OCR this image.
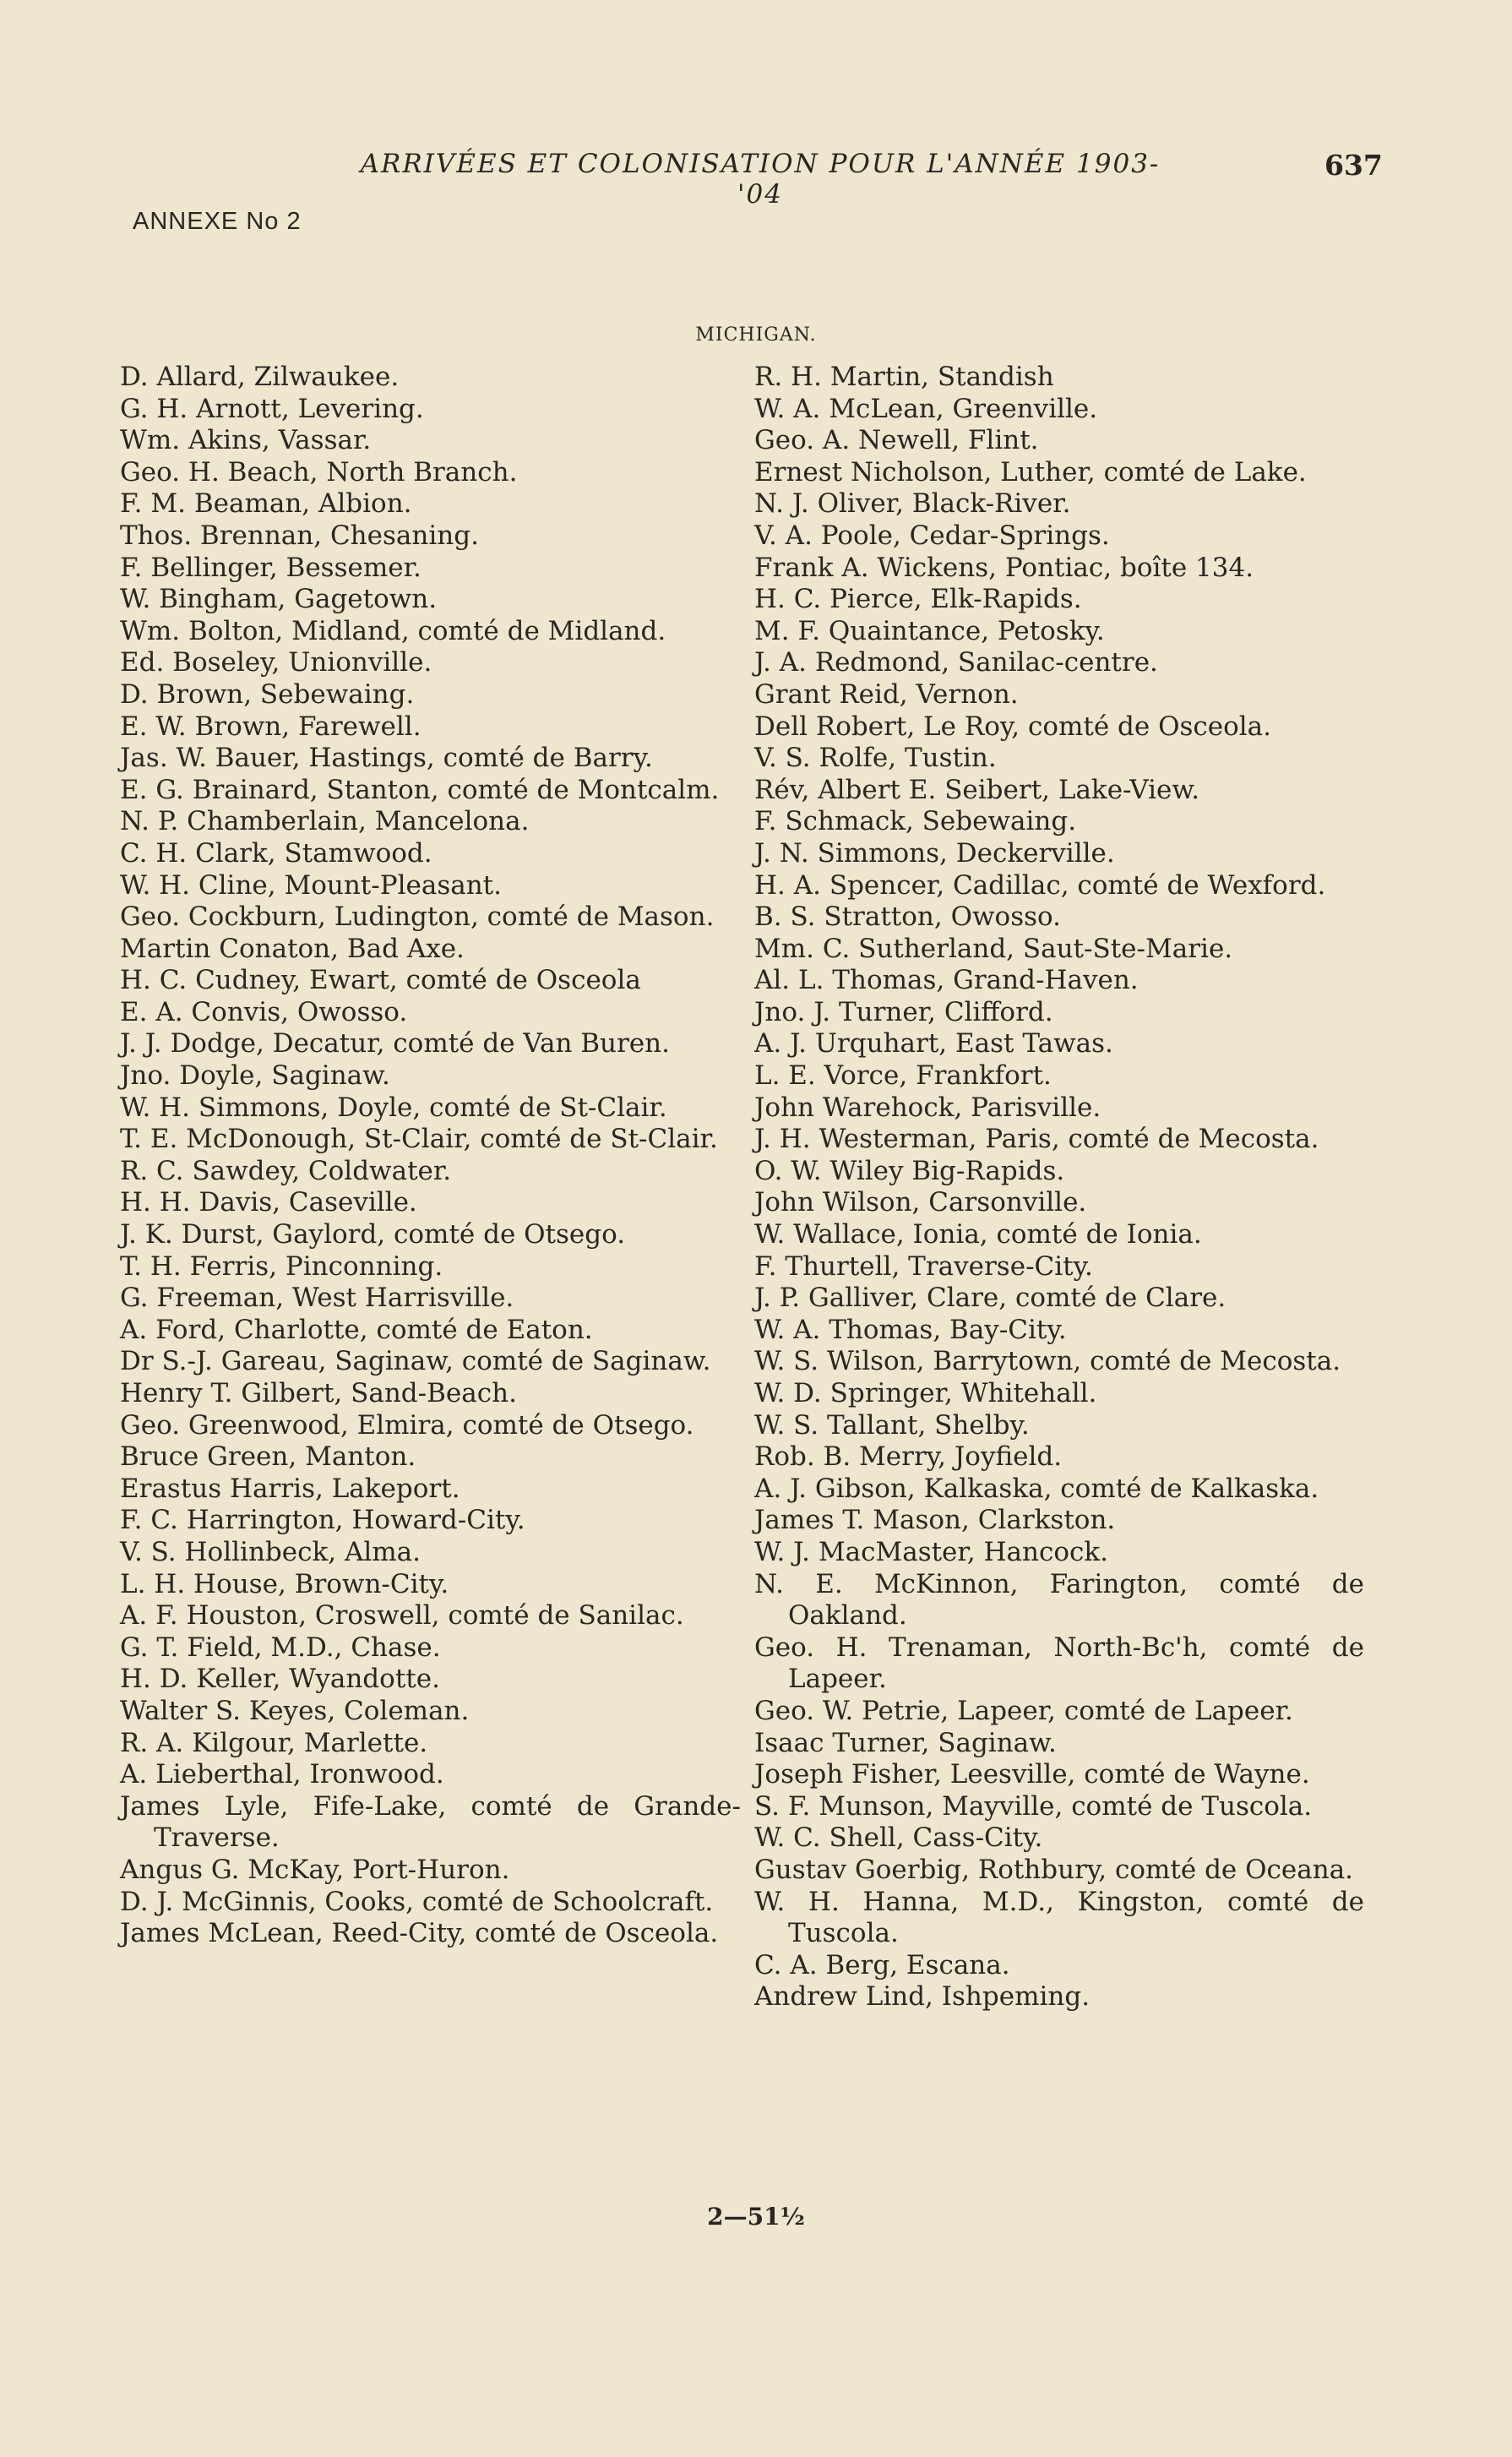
ARRIVÉES ET COLONISATION POUR L'ANNÉE 1903-'04
637
ANNEXE No 2
MICHIGAN.
D. Allard, Zilwaukee.
G. H. Arnott, Levering.
Wm. Akins, Vassar.
Geo. H. Beach, North Branch.
F. M. Beaman, Albion.
Thos. Brennan, Chesaning.
F. Bellinger, Bessemer.
W. Bingham, Gagetown.
Wm. Bolton, Midland, comté de Midland.
Ed. Boseley, Unionville.
D. Brown, Sebewaing.
E. W. Brown, Farewell.
Jas. W. Bauer, Hastings, comté de Barry.
E. G. Brainard, Stanton, comté de Montcalm.
N. P. Chamberlain, Mancelona.
C. H. Clark, Stamwood.
W. H. Cline, Mount-Pleasant.
Geo. Cockburn, Ludington, comté de Mason.
Martin Conaton, Bad Axe.
H. C. Cudney, Ewart, comté de Osceola
E. A. Convis, Owosso.
J. J. Dodge, Decatur, comté de Van Buren.
Jno. Doyle, Saginaw.
W. H. Simmons, Doyle, comté de St-Clair.
T. E. McDonough, St-Clair, comté de St-Clair.
R. C. Sawdey, Coldwater.
H. H. Davis, Caseville.
J. K. Durst, Gaylord, comté de Otsego.
T. H. Ferris, Pinconning.
G. Freeman, West Harrisville.
A. Ford, Charlotte, comté de Eaton.
Dr S.-J. Gareau, Saginaw, comté de Saginaw.
Henry T. Gilbert, Sand-Beach.
Geo. Greenwood, Elmira, comté de Otsego.
Bruce Green, Manton.
Erastus Harris, Lakeport.
F. C. Harrington, Howard-City.
V. S. Hollinbeck, Alma.
L. H. House, Brown-City.
A. F. Houston, Croswell, comté de Sanilac.
G. T. Field, M.D., Chase.
H. D. Keller, Wyandotte.
Walter S. Keyes, Coleman.
R. A. Kilgour, Marlette.
A. Lieberthal, Ironwood.
James Lyle, Fife-Lake, comté de Grande-Traverse.
Angus G. McKay, Port-Huron.
D. J. McGinnis, Cooks, comté de Schoolcraft.
James McLean, Reed-City, comté de Osceola.
R. H. Martin, Standish
W. A. McLean, Greenville.
Geo. A. Newell, Flint.
Ernest Nicholson, Luther, comté de Lake.
N. J. Oliver, Black-River.
V. A. Poole, Cedar-Springs.
Frank A. Wickens, Pontiac, boîte 134.
H. C. Pierce, Elk-Rapids.
M. F. Quaintance, Petosky.
J. A. Redmond, Sanilac-centre.
Grant Reid, Vernon.
Dell Robert, Le Roy, comté de Osceola.
V. S. Rolfe, Tustin.
Rév, Albert E. Seibert, Lake-View.
F. Schmack, Sebewaing.
J. N. Simmons, Deckerville.
H. A. Spencer, Cadillac, comté de Wexford.
B. S. Stratton, Owosso.
Mm. C. Sutherland, Saut-Ste-Marie.
Al. L. Thomas, Grand-Haven.
Jno. J. Turner, Clifford.
A. J. Urquhart, East Tawas.
L. E. Vorce, Frankfort.
John Warehock, Parisville.
J. H. Westerman, Paris, comté de Mecosta.
O. W. Wiley Big-Rapids.
John Wilson, Carsonville.
W. Wallace, Ionia, comté de Ionia.
F. Thurtell, Traverse-City.
J. P. Galliver, Clare, comté de Clare.
W. A. Thomas, Bay-City.
W. S. Wilson, Barrytown, comté de Mecosta.
W. D. Springer, Whitehall.
W. S. Tallant, Shelby.
Rob. B. Merry, Joyfield.
A. J. Gibson, Kalkaska, comté de Kalkaska.
James T. Mason, Clarkston.
W. J. MacMaster, Hancock.
N. E. McKinnon, Farington, comté de Oakland.
Geo. H. Trenaman, North-Bc'h, comté de Lapeer.
Geo. W. Petrie, Lapeer, comté de Lapeer.
Isaac Turner, Saginaw.
Joseph Fisher, Leesville, comté de Wayne.
S. F. Munson, Mayville, comté de Tuscola.
W. C. Shell, Cass-City.
Gustav Goerbig, Rothbury, comté de Oceana.
W. H. Hanna, M.D., Kingston, comté de Tuscola.
C. A. Berg, Escana.
Andrew Lind, Ishpeming.
2—51½
